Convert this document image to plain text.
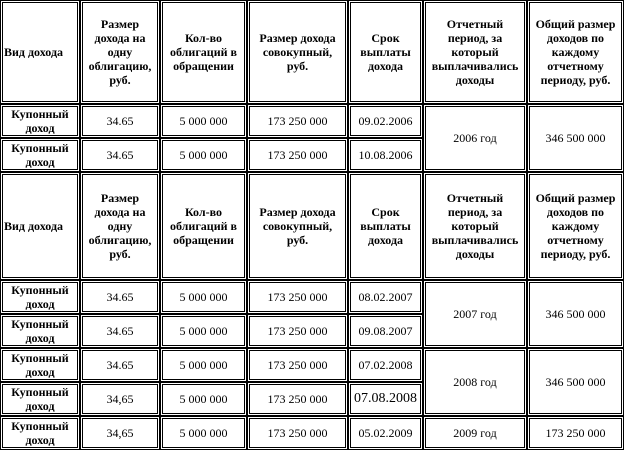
Вид дохода	Размер дохода на одну облигацию, руб.	Кол-во облигаций в обращении	Размер дохода совокупный, руб.	Срок выплаты дохода	Отчетный период, за который выплачивались доходы	Общий размер доходов по каждому отчетному периоду, руб.
Купонный доход	34.65	5 000 000	173 250 000	09.02.2006	2006 год	346 500 000
Купонный доход	34.65	5 000 000	173 250 000	10.08.2006		
Вид дохода	Размер дохода на одну облигацию, руб.	Кол-во облигаций в обращении	Размер дохода совокупный, руб.	Срок выплаты дохода	Отчетный период, за который выплачивались доходы	Общий размер доходов по каждому отчетному периоду, руб.
Купонный доход	34.65	5 000 000	173 250 000	08.02.2007	2007 год	346 500 000
Купонный доход	34.65	5 000 000	173 250 000	09.08.2007		
Купонный доход	34.65	5 000 000	173 250 000	07.02.2008	2008 год	346 500 000
Купонный доход	34,65	5 000 000	173 250 000	07.08.2008		
Купонный доход	34,65	5 000 000	173 250 000	05.02.2009	2009 год	173 250 000
